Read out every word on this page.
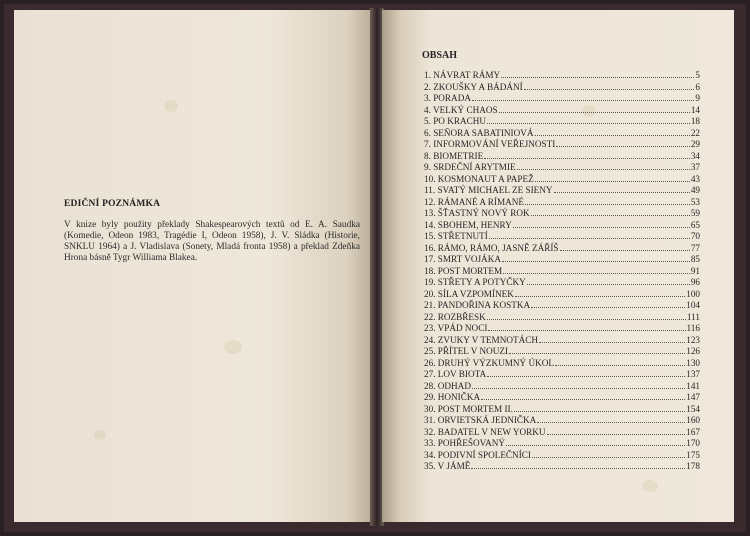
EDIČNÍ POZNÁMKA
V knize byly použity překlady Shakespearových textů od E. A. Saudka (Komedie, Odeon 1983, Tragédie I, Odeon 1958), J. V. Sládka (Historie, SNKLU 1964) a J. Vladislava (Sonety, Mladá fronta 1958) a překlad Zdeňka Hrona básně Tygr Williama Blakea.
OBSAH
1. NÁVRAT RÁMY	5
2. ZKOUŠKY A BÁDÁNÍ	6
3. PORADA	9
4. VELKÝ CHAOS	14
5. PO KRACHU	18
6. SEÑORA SABATINIOVÁ	22
7. INFORMOVÁNÍ VEŘEJNOSTI	29
8. BIOMETRIE	34
9. SRDEČNÍ ARYTMIE	37
10. KOSMONAUT A PAPEŽ	43
11. SVATÝ MICHAEL ZE SIENY	49
12. RÁMANÉ A RÍMANÉ	53
13. ŠŤASTNÝ NOVÝ ROK	59
14. SBOHEM, HENRY	65
15. STŘETNUTÍ	70
16. RÁMO, RÁMO, JASNĚ ZÁŘÍŠ	77
17. SMRT VOJÁKA	85
18. POST MORTEM	91
19. STŘETY A POTYČKY	96
20. SÍLA VZPOMÍNEK	100
21. PANDOŘINA KOSTKA	104
22. ROZBŘESK	111
23. VPÁD NOCI	116
24. ZVUKY V TEMNOTÁCH	123
25. PŘÍTEL V NOUZI	126
26. DRUHÝ VÝZKUMNÝ ÚKOL	130
27. LOV BIOTA	137
28. ODHAD	141
29. HONIČKA	147
30. POST MORTEM II.	154
31. ORVIETSKÁ JEDNIČKA	160
32. BADATEL V NEW YORKU	167
33. POHŘEŠOVANÝ	170
34. PODIVNÍ SPOLEČNÍCI	175
35. V JÁMĚ	178
